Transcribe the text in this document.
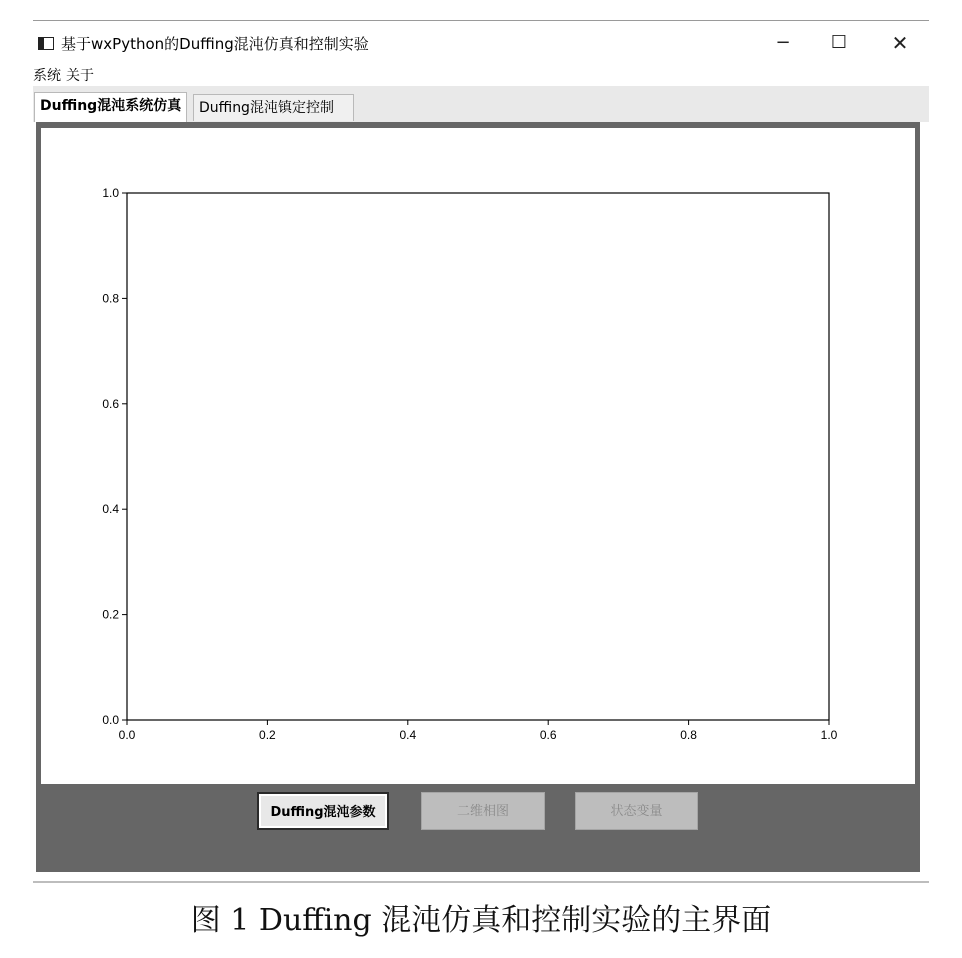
基于wxPython的Duffing混沌仿真和控制实验	−	☐	✕
系统 关于
Duffing混沌系统仿真	Duffing混沌镇定控制
0.0	0.2	0.4	0.6	0.8	1.0
0.0
0.2
0.4
0.6
0.8
1.0
Duffing混沌参数	二维相图	状态变量
图 1 Duffing 混沌仿真和控制实验的主界面
